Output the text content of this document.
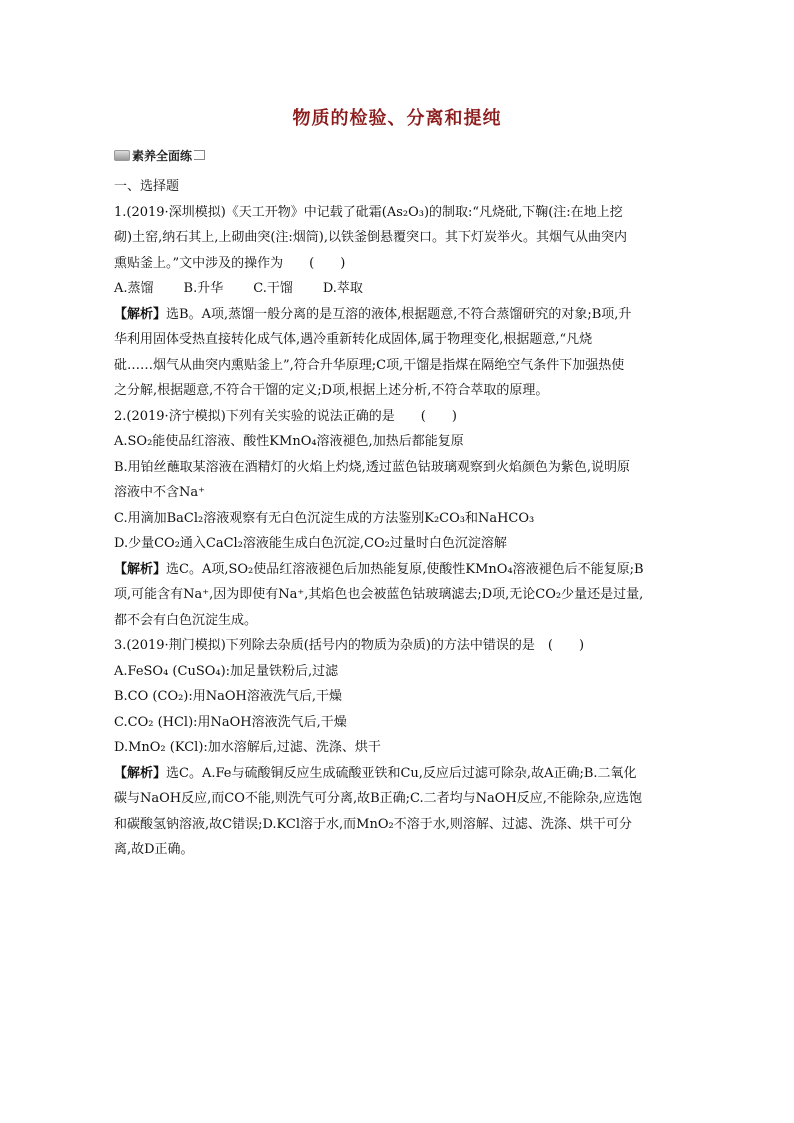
物质的检验、分离和提纯
素养全面练

一、选择题

1.(2019·深圳模拟)《天工开物》中记载了砒霜(As₂O₃)的制取:“凡烧砒,下鞠(注:在地上挖

砌)土窑,纳石其上,上砌曲突(注:烟筒),以铁釜倒悬覆突口。其下灯炭举火。其烟气从曲突内

熏贴釜上。”文中涉及的操作为　　(　　)

A.蒸馏 B.升华 C.干馏 D.萃取

【解析】选B。A项,蒸馏一般分离的是互溶的液体,根据题意,不符合蒸馏研究的对象;B项,升

华利用固体受热直接转化成气体,遇冷重新转化成固体,属于物理变化,根据题意,“凡烧

砒……烟气从曲突内熏贴釜上”,符合升华原理;C项,干馏是指煤在隔绝空气条件下加强热使

之分解,根据题意,不符合干馏的定义;D项,根据上述分析,不符合萃取的原理。

2.(2019·济宁模拟)下列有关实验的说法正确的是　　(　　)

A.SO₂能使品红溶液、酸性KMnO₄溶液褪色,加热后都能复原

B.用铂丝蘸取某溶液在酒精灯的火焰上灼烧,透过蓝色钴玻璃观察到火焰颜色为紫色,说明原

溶液中不含Na⁺

C.用滴加BaCl₂溶液观察有无白色沉淀生成的方法鉴别K₂CO₃和NaHCO₃

D.少量CO₂通入CaCl₂溶液能生成白色沉淀,CO₂过量时白色沉淀溶解

【解析】选C。A项,SO₂使品红溶液褪色后加热能复原,使酸性KMnO₄溶液褪色后不能复原;B

项,可能含有Na⁺,因为即使有Na⁺,其焰色也会被蓝色钴玻璃滤去;D项,无论CO₂少量还是过量,

都不会有白色沉淀生成。

3.(2019·荆门模拟)下列除去杂质(括号内的物质为杂质)的方法中错误的是　(　　)

A.FeSO₄ (CuSO₄):加足量铁粉后,过滤

B.CO (CO₂):用NaOH溶液洗气后,干燥

C.CO₂ (HCl):用NaOH溶液洗气后,干燥

D.MnO₂ (KCl):加水溶解后,过滤、洗涤、烘干

【解析】选C。A.Fe与硫酸铜反应生成硫酸亚铁和Cu,反应后过滤可除杂,故A正确;B.二氧化

碳与NaOH反应,而CO不能,则洗气可分离,故B正确;C.二者均与NaOH反应,不能除杂,应选饱

和碳酸氢钠溶液,故C错误;D.KCl溶于水,而MnO₂不溶于水,则溶解、过滤、洗涤、烘干可分

离,故D正确。
